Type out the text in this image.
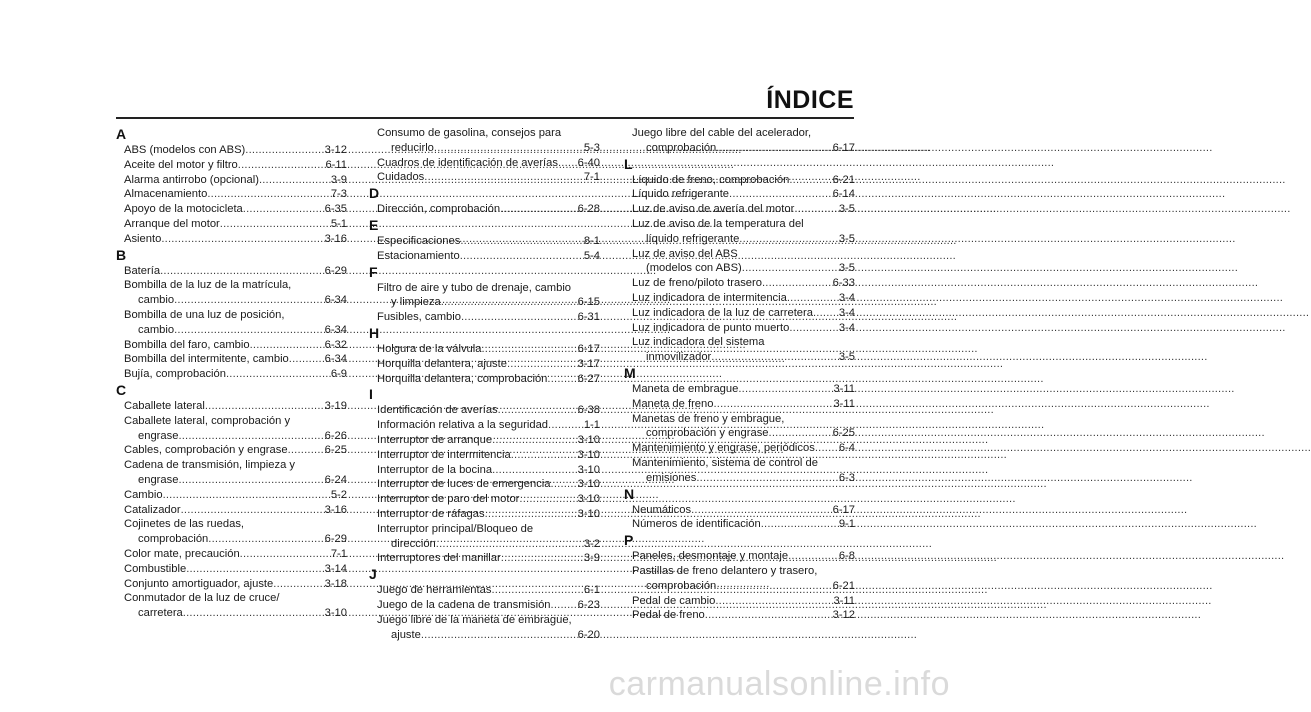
ÍNDICE
A
ABS (modelos con ABS) .....	3-12
Aceite del motor y filtro .....	6-11
Alarma antirrobo (opcional) .....	3-9
Almacenamiento .....	7-3
Apoyo de la motocicleta .....	6-35
Arranque del motor .....	5-1
Asiento .....	3-16
B
Batería .....	6-29
Bombilla de la luz de la matrícula,
cambio .....	6-34
Bombilla de una luz de posición,
cambio .....	6-34
Bombilla del faro, cambio .....	6-32
Bombilla del intermitente, cambio .....	6-34
Bujía, comprobación .....	6-9
C
Caballete lateral .....	3-19
Caballete lateral, comprobación y
engrase .....	6-26
Cables, comprobación y engrase .....	6-25
Cadena de transmisión, limpieza y
engrase .....	6-24
Cambio .....	5-2
Catalizador .....	3-16
Cojinetes de las ruedas,
comprobación .....	6-29
Color mate, precaución .....	7-1
Combustible .....	3-14
Conjunto amortiguador, ajuste .....	3-18
Conmutador de la luz de cruce/
carretera .....	3-10
Consumo de gasolina, consejos para
reducirlo .....	5-3
Cuadros de identificación de averías ..... 6-40
Cuidados .....	7-1
D
Dirección, comprobación .....	6-28
E
Especificaciones .....	8-1
Estacionamiento .....	5-4
F
Filtro de aire y tubo de drenaje, cambio
y limpieza .....	6-15
Fusibles, cambio .....	6-31
H
Holgura de la válvula .....	6-17
Horquilla delantera, ajuste .....	3-17
Horquilla delantera, comprobación .....	6-27
I
Identificación de averías .....	6-38
Información relativa a la seguridad .....	1-1
Interruptor de arranque .....	3-10
Interruptor de intermitencia .....	3-10
Interruptor de la bocina .....	3-10
Interruptor de luces de emergencia ..... 3-10
Interruptor de paro del motor .....	3-10
Interruptor de ráfagas .....	3-10
Interruptor principal/Bloqueo de
dirección .....	3-2
Interruptores del manillar .....	3-9
J
Juego de herramientas .....	6-1
Juego de la cadena de transmisión ..... 6-23
Juego libre de la maneta de embrague,
ajuste .....	6-20
Juego libre del cable del acelerador,
comprobación .....	6-17
L
Líquido de freno, comprobación .....	6-21
Líquido refrigerante .....	6-14
Luz de aviso de avería del motor .....	3-5
Luz de aviso de la temperatura del
líquido refrigerante .....	3-5
Luz de aviso del ABS
(modelos con ABS) .....	3-5
Luz de freno/piloto trasero .....	6-33
Luz indicadora de intermitencia .....	3-4
Luz indicadora de la luz de carretera ..... 3-4
Luz indicadora de punto muerto .....	3-4
Luz indicadora del sistema
inmovilizador .....	3-5
M
Maneta de embrague .....	3-11
Maneta de freno .....	3-11
Manetas de freno y embrague,
comprobación y engrase .....	6-25
Mantenimiento y engrase, periódicos ..... 6-4
Mantenimiento, sistema de control de
emisiones .....	6-3
N
Neumáticos .....	6-17
Números de identificación .....	9-1
P
Paneles, desmontaje y montaje .....	6-8
Pastillas de freno delantero y trasero,
comprobación .....	6-21
Pedal de cambio .....	3-11
Pedal de freno .....	3-12
carmanualsonline.info
